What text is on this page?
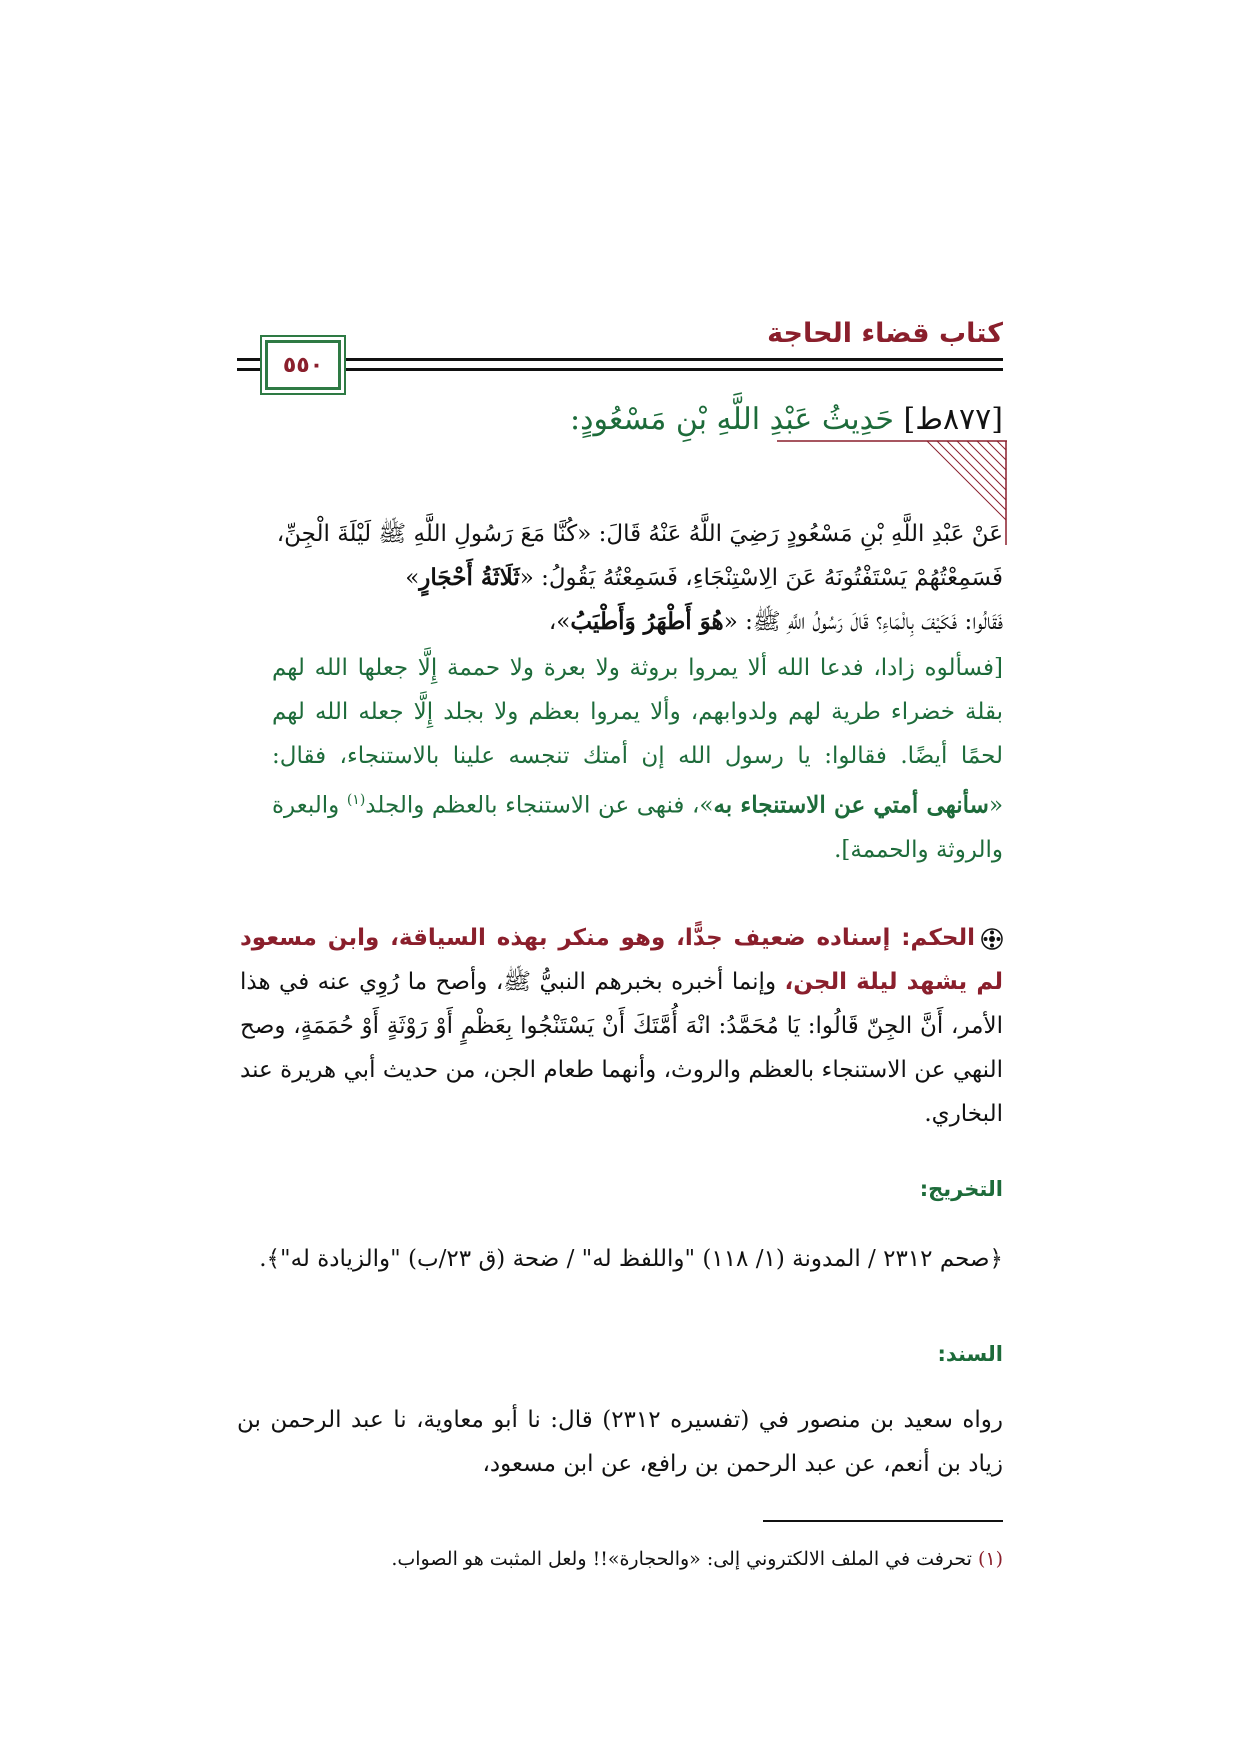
كتاب قضاء الحاجة
٥٥٠
[٨٧٧ط] حَدِيثُ عَبْدِ اللَّهِ بْنِ مَسْعُودٍ:

عَنْ عَبْدِ اللَّهِ بْنِ مَسْعُودٍ رَضِيَ اللَّهُ عَنْهُ قَالَ: «كُنَّا مَعَ رَسُولِ اللَّهِ ﷺ لَيْلَةَ الْجِنِّ،

فَسَمِعْتُهُمْ يَسْتَفْتُونَهُ عَنَ الِاسْتِنْجَاءِ، فَسَمِعْتُهُ يَقُولُ: «ثَلَاثَةُ أَحْجَارٍ»

فَقَالُوا: فَكَيْفَ بِالْمَاءِ؟ قَالَ رَسُولُ اللَّهِ ﷺ: «هُوَ أَطْهَرُ وَأَطْيَبُ»،

[فسألوه زادا، فدعا الله ألا يمروا بروثة ولا بعرة ولا حممة إِلَّا جعلها الله لهم بقلة خضراء طرية لهم ولدوابهم، وألا يمروا بعظم ولا بجلد إِلَّا جعله الله لهم لحمًا أيضًا. فقالوا: يا رسول الله إن أمتك تنجسه علينا بالاستنجاء، فقال: «سأنهى أمتي عن الاستنجاء به»، فنهى عن الاستنجاء بالعظم والجلد$^{(١)}$ والبعرة والروثة والحممة].
الحكم: إسناده ضعيف جدًّا، وهو منكر بهذه السياقة، وابن مسعود لم يشهد ليلة الجن، وإنما أخبره بخبرهم النبيُّ ﷺ، وأصح ما رُوِي عنه في هذا الأمر، أَنَّ الجِنّ قَالُوا: يَا مُحَمَّدُ: انْهَ أُمَّتَكَ أَنْ يَسْتَنْجُوا بِعَظْمٍ أَوْ رَوْثَةٍ أَوْ حُمَمَةٍ، وصح النهي عن الاستنجاء بالعظم والروث، وأنهما طعام الجن، من حديث أبي هريرة عند البخاري.
التخريج:
﴿صحم ٢٣١٢ / المدونة (١/ ١١٨) "واللفظ له" / ضحة (ق ٢٣/ب) "والزيادة له"﴾.
السند:
رواه سعيد بن منصور في (تفسيره ٢٣١٢) قال: نا أبو معاوية، نا عبد الرحمن بن زياد بن أنعم، عن عبد الرحمن بن رافع، عن ابن مسعود،
(١) تحرفت في الملف الالكتروني إلى: «والحجارة»!! ولعل المثبت هو الصواب.
